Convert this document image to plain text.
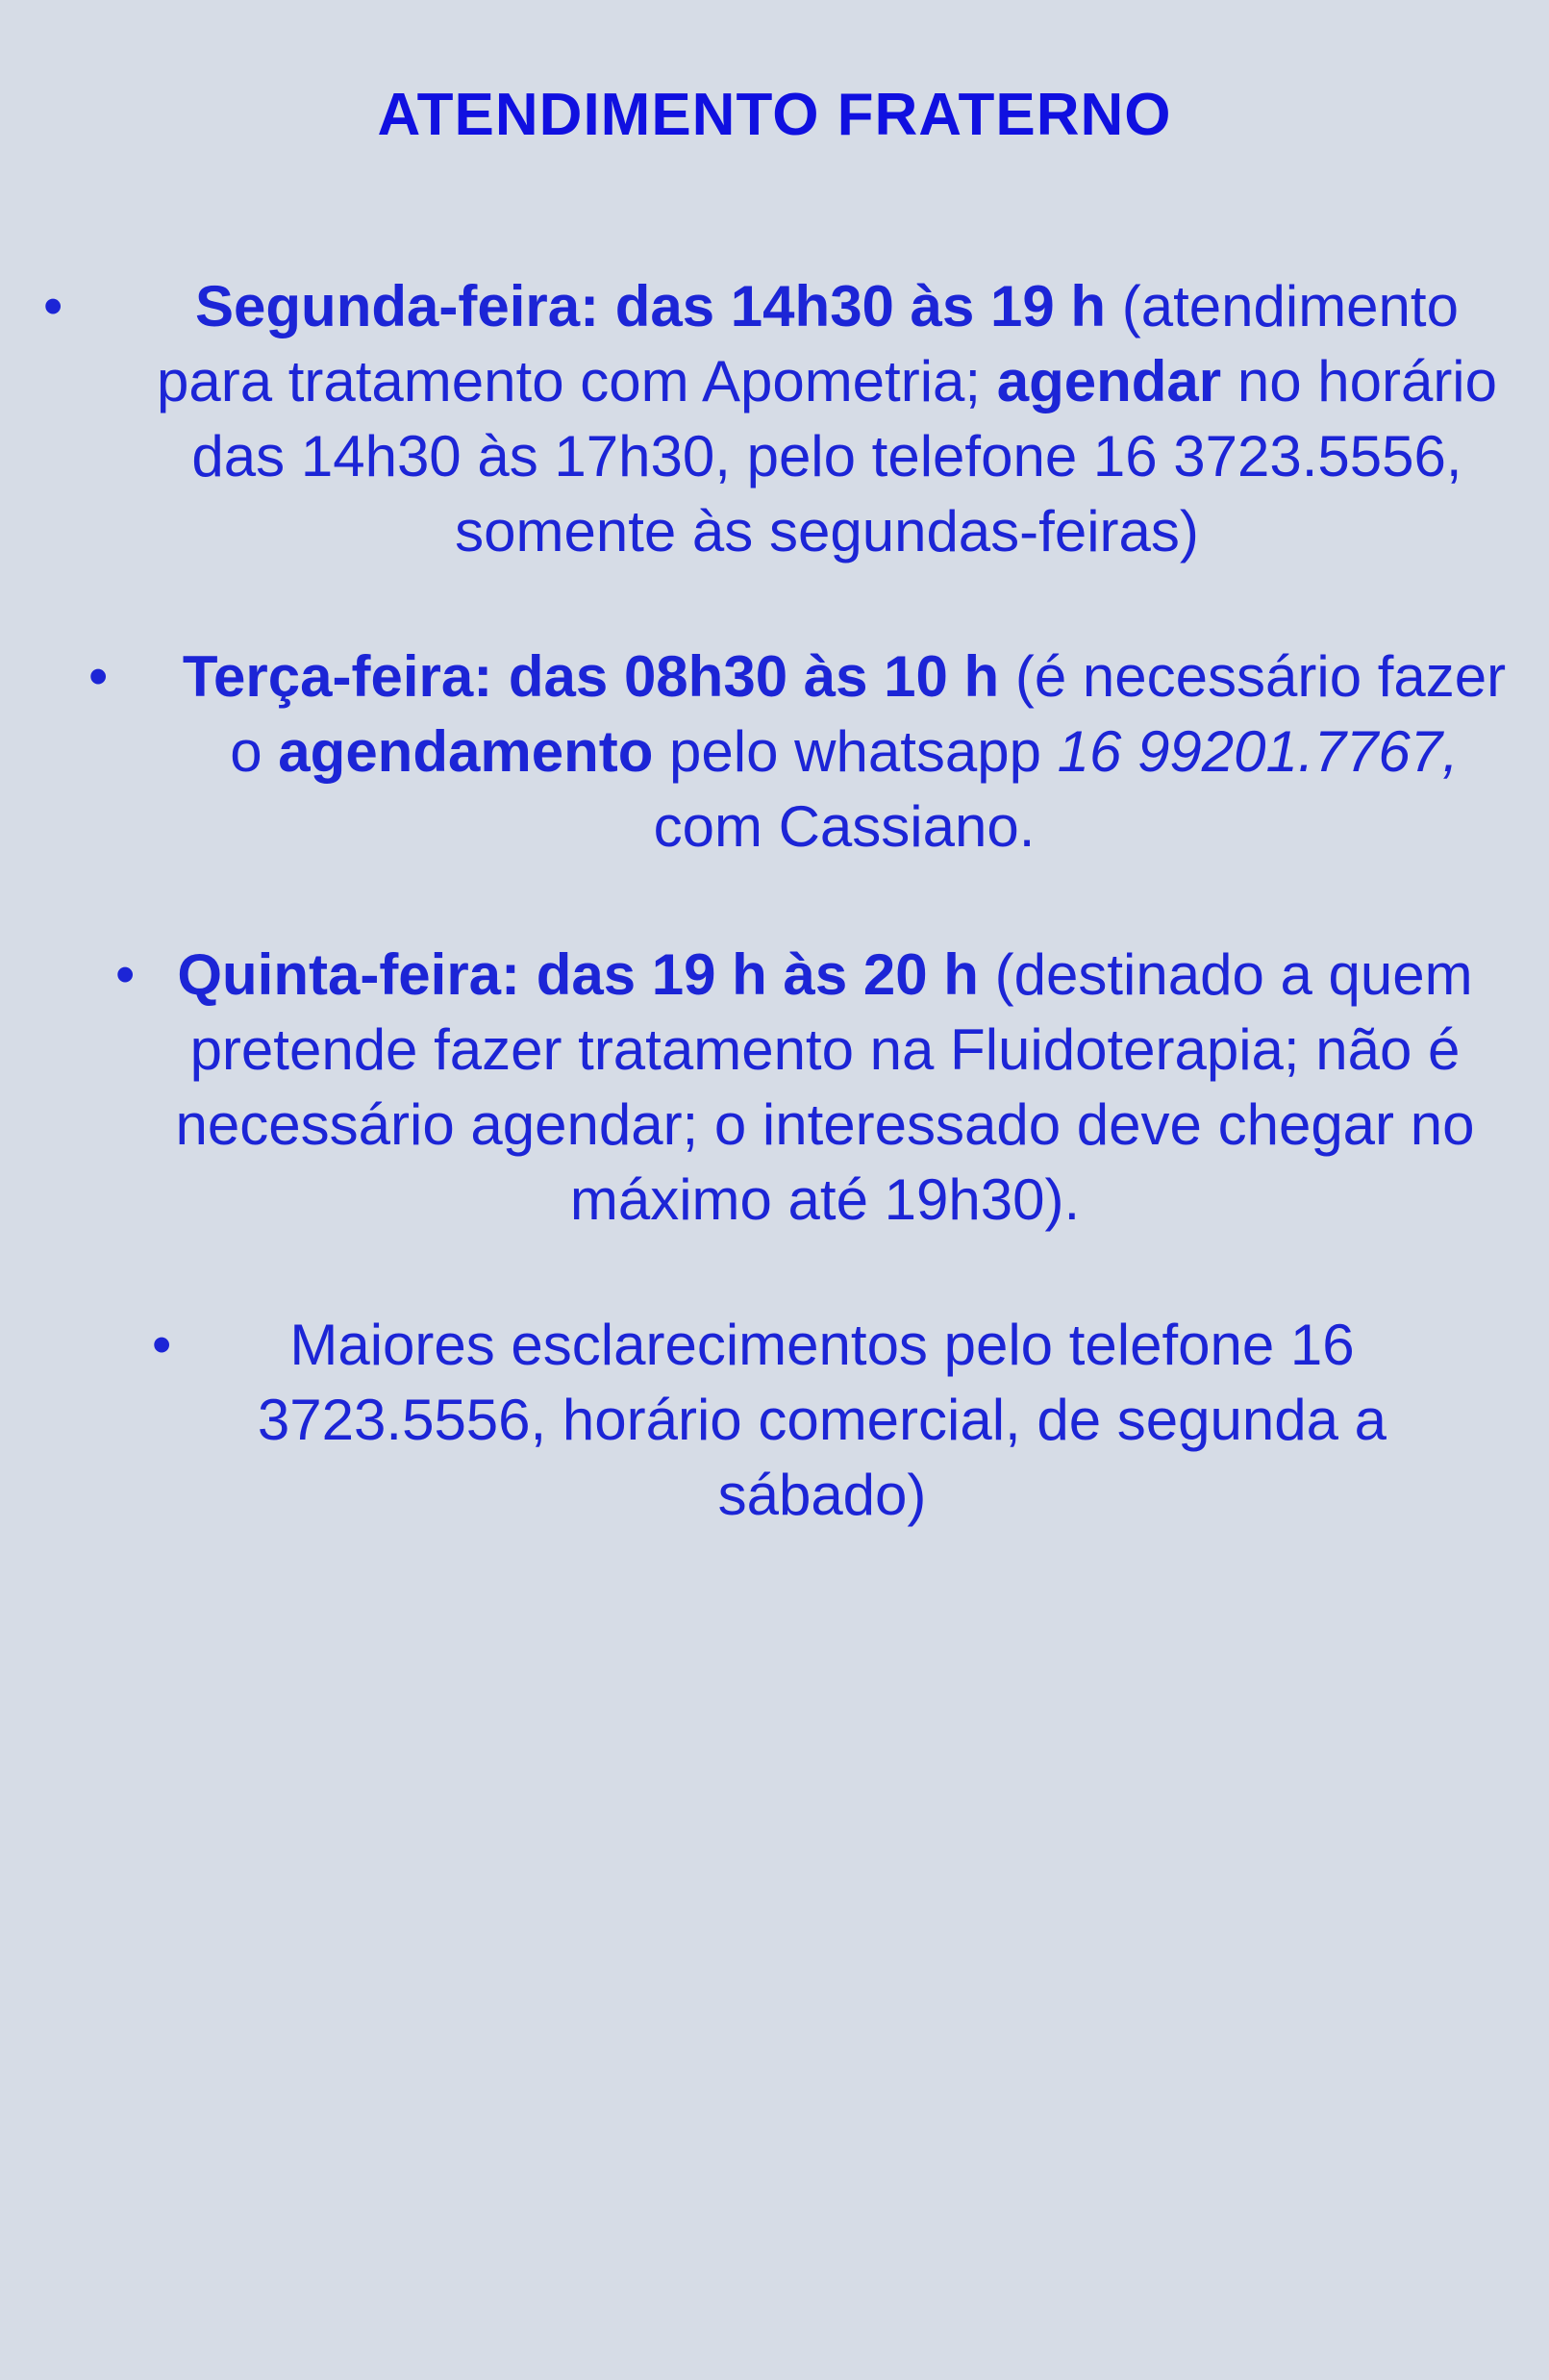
ATENDIMENTO FRATERNO
•	Segunda-feira: das 14h30 às 19 h (atendimento para tratamento com Apometria; agendar no horário das 14h30 às 17h30, pelo telefone 16 3723.5556, somente às segundas-feiras)
• Terça-feira: das 08h30 às 10 h (é necessário fazer o agendamento pelo whatsapp 16 99201.7767, com Cassiano.
• Quinta-feira: das 19 h às 20 h (destinado a quem pretende fazer tratamento na Fluidoterapia; não é necessário agendar; o interessado deve chegar no máximo até 19h30).
•	Maiores esclarecimentos pelo telefone 16 3723.5556, horário comercial, de segunda a sábado)
